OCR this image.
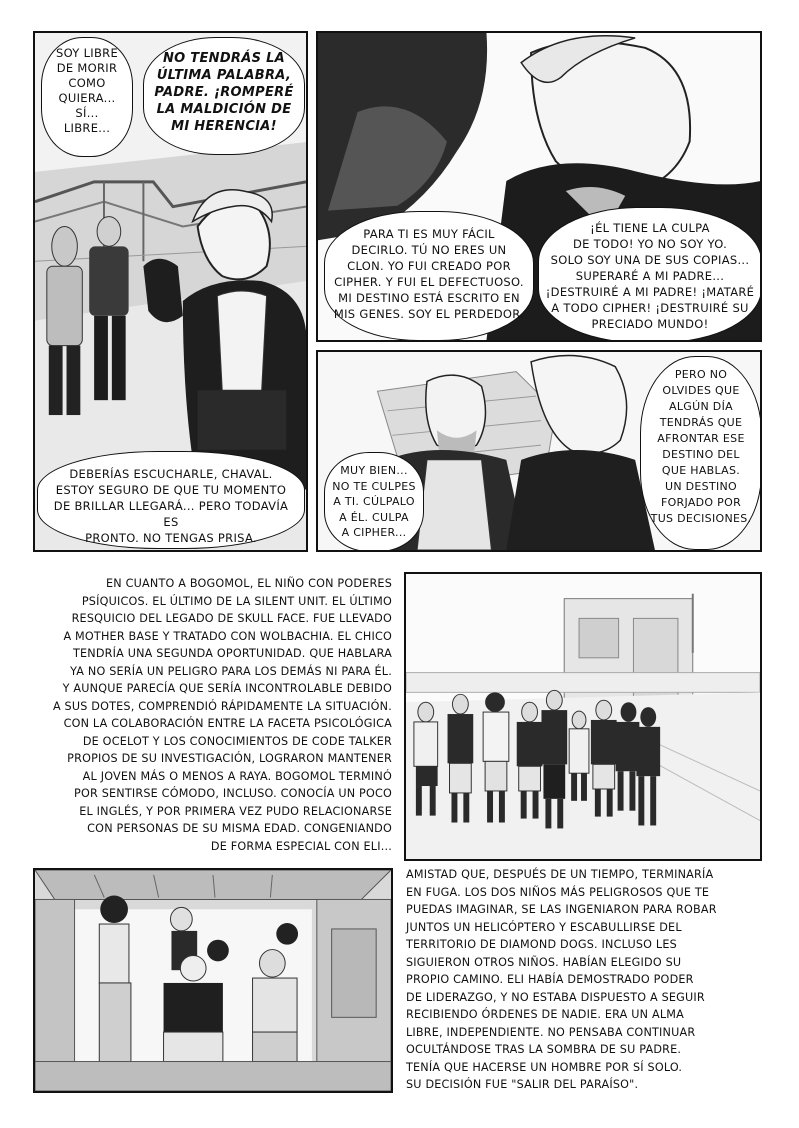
SOY LIBRE
DE MORIR
COMO
QUIERA...
SÍ...
LIBRE...
NO TENDRÁS LA
ÚLTIMA PALABRA,
PADRE. ¡ROMPERÉ
LA MALDICIÓN DE
MI HERENCIA!
DEBERÍAS ESCUCHARLE, CHAVAL.
ESTOY SEGURO DE QUE TU MOMENTO
DE BRILLAR LLEGARÁ... PERO TODAVÍA ES
PRONTO. NO TENGAS PRISA.
PARA TI ES MUY FÁCIL
DECIRLO. TÚ NO ERES UN
CLON. YO FUI CREADO POR
CIPHER. Y FUI EL DEFECTUOSO.
MI DESTINO ESTÁ ESCRITO EN
MIS GENES. SOY EL PERDEDOR.
¡ÉL TIENE LA CULPA
DE TODO! YO NO SOY YO.
SOLO SOY UNA DE SUS COPIAS...
SUPERARÉ A MI PADRE...
¡DESTRUIRÉ A MI PADRE! ¡MATARÉ
A TODO CIPHER! ¡DESTRUIRÉ SU
PRECIADO MUNDO!
MUY BIEN...
NO TE CULPES
A TI. CÚLPALO
A ÉL. CULPA
A CIPHER...
PERO NO
OLVIDES QUE
ALGÚN DÍA
TENDRÁS QUE
AFRONTAR ESE
DESTINO DEL
QUE HABLAS.
UN DESTINO
FORJADO POR
TUS DECISIONES.
EN CUANTO A BOGOMOL, EL NIÑO CON PODERES
PSÍQUICOS. EL ÚLTIMO DE LA SILENT UNIT. EL ÚLTIMO
RESQUICIO DEL LEGADO DE SKULL FACE. FUE LLEVADO
A MOTHER BASE Y TRATADO CON WOLBACHIA. EL CHICO
TENDRÍA UNA SEGUNDA OPORTUNIDAD. QUE HABLARA
YA NO SERÍA UN PELIGRO PARA LOS DEMÁS NI PARA ÉL.
Y AUNQUE PARECÍA QUE SERÍA INCONTROLABLE DEBIDO
A SUS DOTES, COMPRENDIÓ RÁPIDAMENTE LA SITUACIÓN.
CON LA COLABORACIÓN ENTRE LA FACETA PSICOLÓGICA
DE OCELOT Y LOS CONOCIMIENTOS DE CODE TALKER
PROPIOS DE SU INVESTIGACIÓN, LOGRARON MANTENER
AL JOVEN MÁS O MENOS A RAYA. BOGOMOL TERMINÓ
POR SENTIRSE CÓMODO, INCLUSO. CONOCÍA UN POCO
EL INGLÉS, Y POR PRIMERA VEZ PUDO RELACIONARSE
CON PERSONAS DE SU MISMA EDAD. CONGENIANDO
DE FORMA ESPECIAL CON ELI...
AMISTAD QUE, DESPUÉS DE UN TIEMPO, TERMINARÍA
EN FUGA. LOS DOS NIÑOS MÁS PELIGROSOS QUE TE
PUEDAS IMAGINAR, SE LAS INGENIARON PARA ROBAR
JUNTOS UN HELICÓPTERO Y ESCABULLIRSE DEL
TERRITORIO DE DIAMOND DOGS. INCLUSO LES
SIGUIERON OTROS NIÑOS. HABÍAN ELEGIDO SU
PROPIO CAMINO. ELI HABÍA DEMOSTRADO PODER
DE LIDERAZGO, Y NO ESTABA DISPUESTO A SEGUIR
RECIBIENDO ÓRDENES DE NADIE. ERA UN ALMA
LIBRE, INDEPENDIENTE. NO PENSABA CONTINUAR
OCULTÁNDOSE TRAS LA SOMBRA DE SU PADRE.
TENÍA QUE HACERSE UN HOMBRE POR SÍ SOLO.
SU DECISIÓN FUE "SALIR DEL PARAÍSO".
